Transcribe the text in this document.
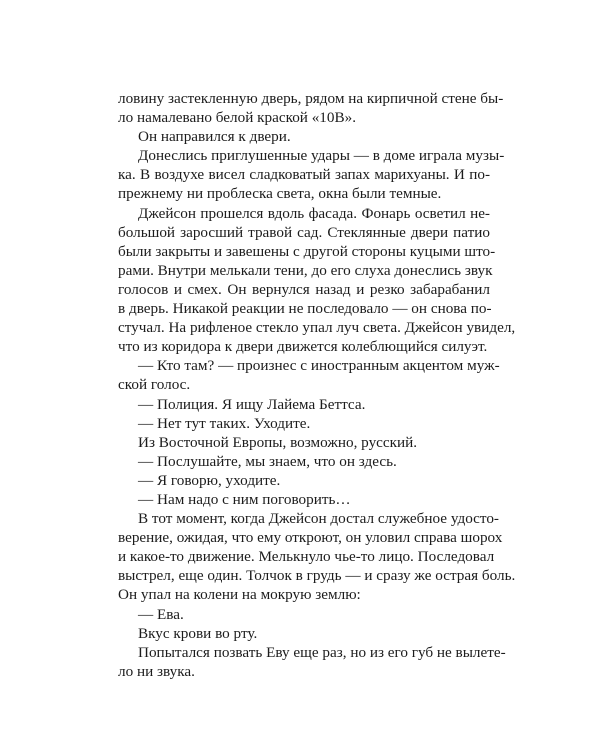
ловину застекленную дверь, рядом на кирпичной стене бы-
ло намалевано белой краской «10B».

Он направился к двери.

Донеслись приглушенные удары — в доме играла музы-
ка. В воздухе висел сладковатый запах марихуаны. И по-
прежнему ни проблеска света, окна были темные.

Джейсон прошелся вдоль фасада. Фонарь осветил не-
большой заросший травой сад. Стеклянные двери патио
были закрыты и завешены с другой стороны куцыми што-
рами. Внутри мелькали тени, до его слуха донеслись звук
голосов и смех. Он вернулся назад и резко забарабанил
в дверь. Никакой реакции не последовало — он снова по-
стучал. На рифленое стекло упал луч света. Джейсон увидел,
что из коридора к двери движется колеблющийся силуэт.

— Кто там? — произнес с иностранным акцентом муж-
ской голос.

— Полиция. Я ищу Лайема Беттса.

— Нет тут таких. Уходите.

Из Восточной Европы, возможно, русский.

— Послушайте, мы знаем, что он здесь.

— Я говорю, уходите.

— Нам надо с ним поговорить…

В тот момент, когда Джейсон достал служебное удосто-
верение, ожидая, что ему откроют, он уловил справа шорох
и какое-то движение. Мелькнуло чье-то лицо. Последовал
выстрел, еще один. Толчок в грудь — и сразу же острая боль.
Он упал на колени на мокрую землю:

— Ева.

Вкус крови во рту.

Попытался позвать Еву еще раз, но из его губ не вылете-
ло ни звука.
